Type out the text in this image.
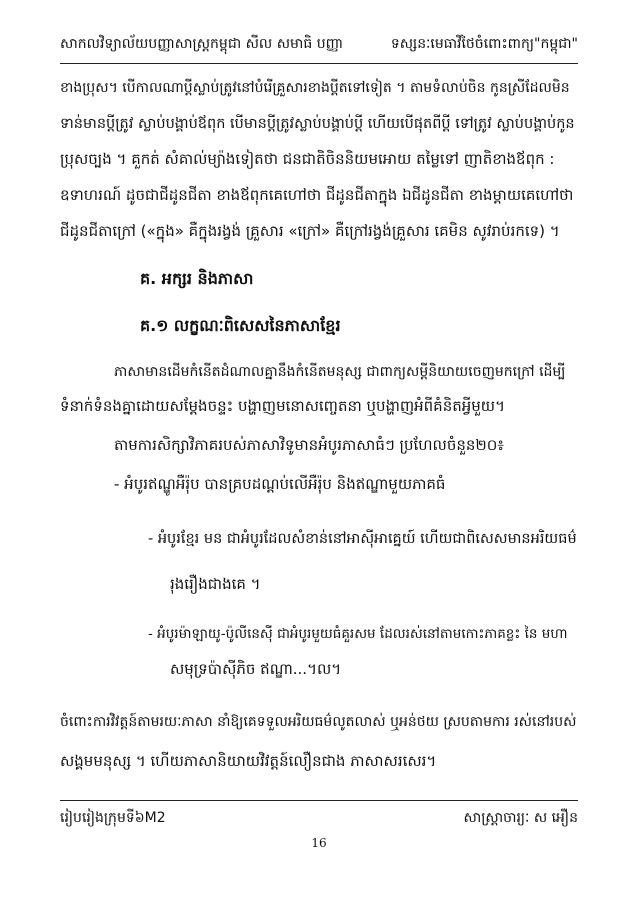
សាកលវិទ្យាល័យបញ្ញាសាស្ត្រកម្ពុជា សីល សមាធិ បញ្ញា	ទស្សនៈមេធាវីថៃចំពោះពាក្យ"កម្ពុជា"
ខាងប្រុស។ បើកាលណាប្តីស្លាប់ត្រូវនៅបំរើគ្រួសារខាងប្តីតទៅទៀត ។ តាមទំលាប់ចិន កូនស្រីដែលមិន
ទាន់មានប្តីត្រូវ ស្លាប់បង្គាប់ឪពុក បើមានប្តីត្រូវស្លាប់បង្គាប់ប្តី ហើយបើផុតពីប្តី ទៅត្រូវ ស្លាប់បង្គាប់កូន
ប្រុសច្បង ។ គួកត់ សំគាល់ម្យ៉ាងទៀតថា ជនជាតិចិននិយមអោយ តម្លៃទៅ ញាតិខាងឪពុក :
ឧទាហរណ៍ ដូចជាជីដូនជីតា ខាងឪពុកគេហៅថា ជីដូនជីតាក្នុង ឯជីដូនជីតា ខាងម្តាយគេហៅថា
ជីដូនជីតាក្រៅ («ក្នុង» គឺក្នុងរង្វង់ គ្រួសារ «ក្រៅ» គឺក្រៅរង្វង់គ្រួសារ គេមិន សូវរាប់រកទេ) ។
គ. អក្សរ និងភាសា
គ.១ លក្ខណៈពិសេសនៃភាសាខ្មែរ
ភាសាមានដើមកំនើតដំណាលគ្នានឹងកំនើតមនុស្ស ជាពាក្យសម្តីនិយាយចេញមកក្រៅ ដើម្បី
ទំនាក់ទំនងគ្នាដោយសម្តែងចន្ទះ បង្ហាញមនោសញ្ចេតនា ឬបង្ហាញអំពីគំនិតអ្វីមួយ។
តាមការសិក្សាវិភាគរបស់ភាសាវិទូមានអំបូរភាសាធំៗ ប្រហែលចំនួន២០៖
- អំបូរឥណ្ឌូអឺរ៉ុប បានគ្របដណ្តប់លើអឺរ៉ុប និងឥណ្ឌាមួយភាគធំ
- អំបូរខ្មែរ មន ជាអំបូរដែលសំខាន់នៅអាស៊ីអាគ្នេយ៍ ហើយជាពិសេសមានអរិយធម៌
រុងរឿងជាងគេ ។
- អំបូរម៉ាឡាយូ-ប៉ូលីនេស៊ី ជាអំបូរមួយធំគួរសម ដែលរស់នៅតាមកោះភាគខ្លះ នៃ មហា
សមុទ្រប៉ាស៊ីភិច ឥណ្ឌា...។ល។
ចំពោះការវិវត្តន៍តាមរយៈភាសា នាំឱ្យគេទទួលអរិយធម៌លូតលាស់ ឬអន់ថយ ស្របតាមការ រស់នៅរបស់
សង្គមមនុស្ស ។ ហើយភាសានិយាយវិវត្តន៍លឿនជាង ភាសាសរសេរ។
រៀបរៀងក្រុមទី៦M2	សាស្ត្រាចារ្យៈ ស អឿន
16
